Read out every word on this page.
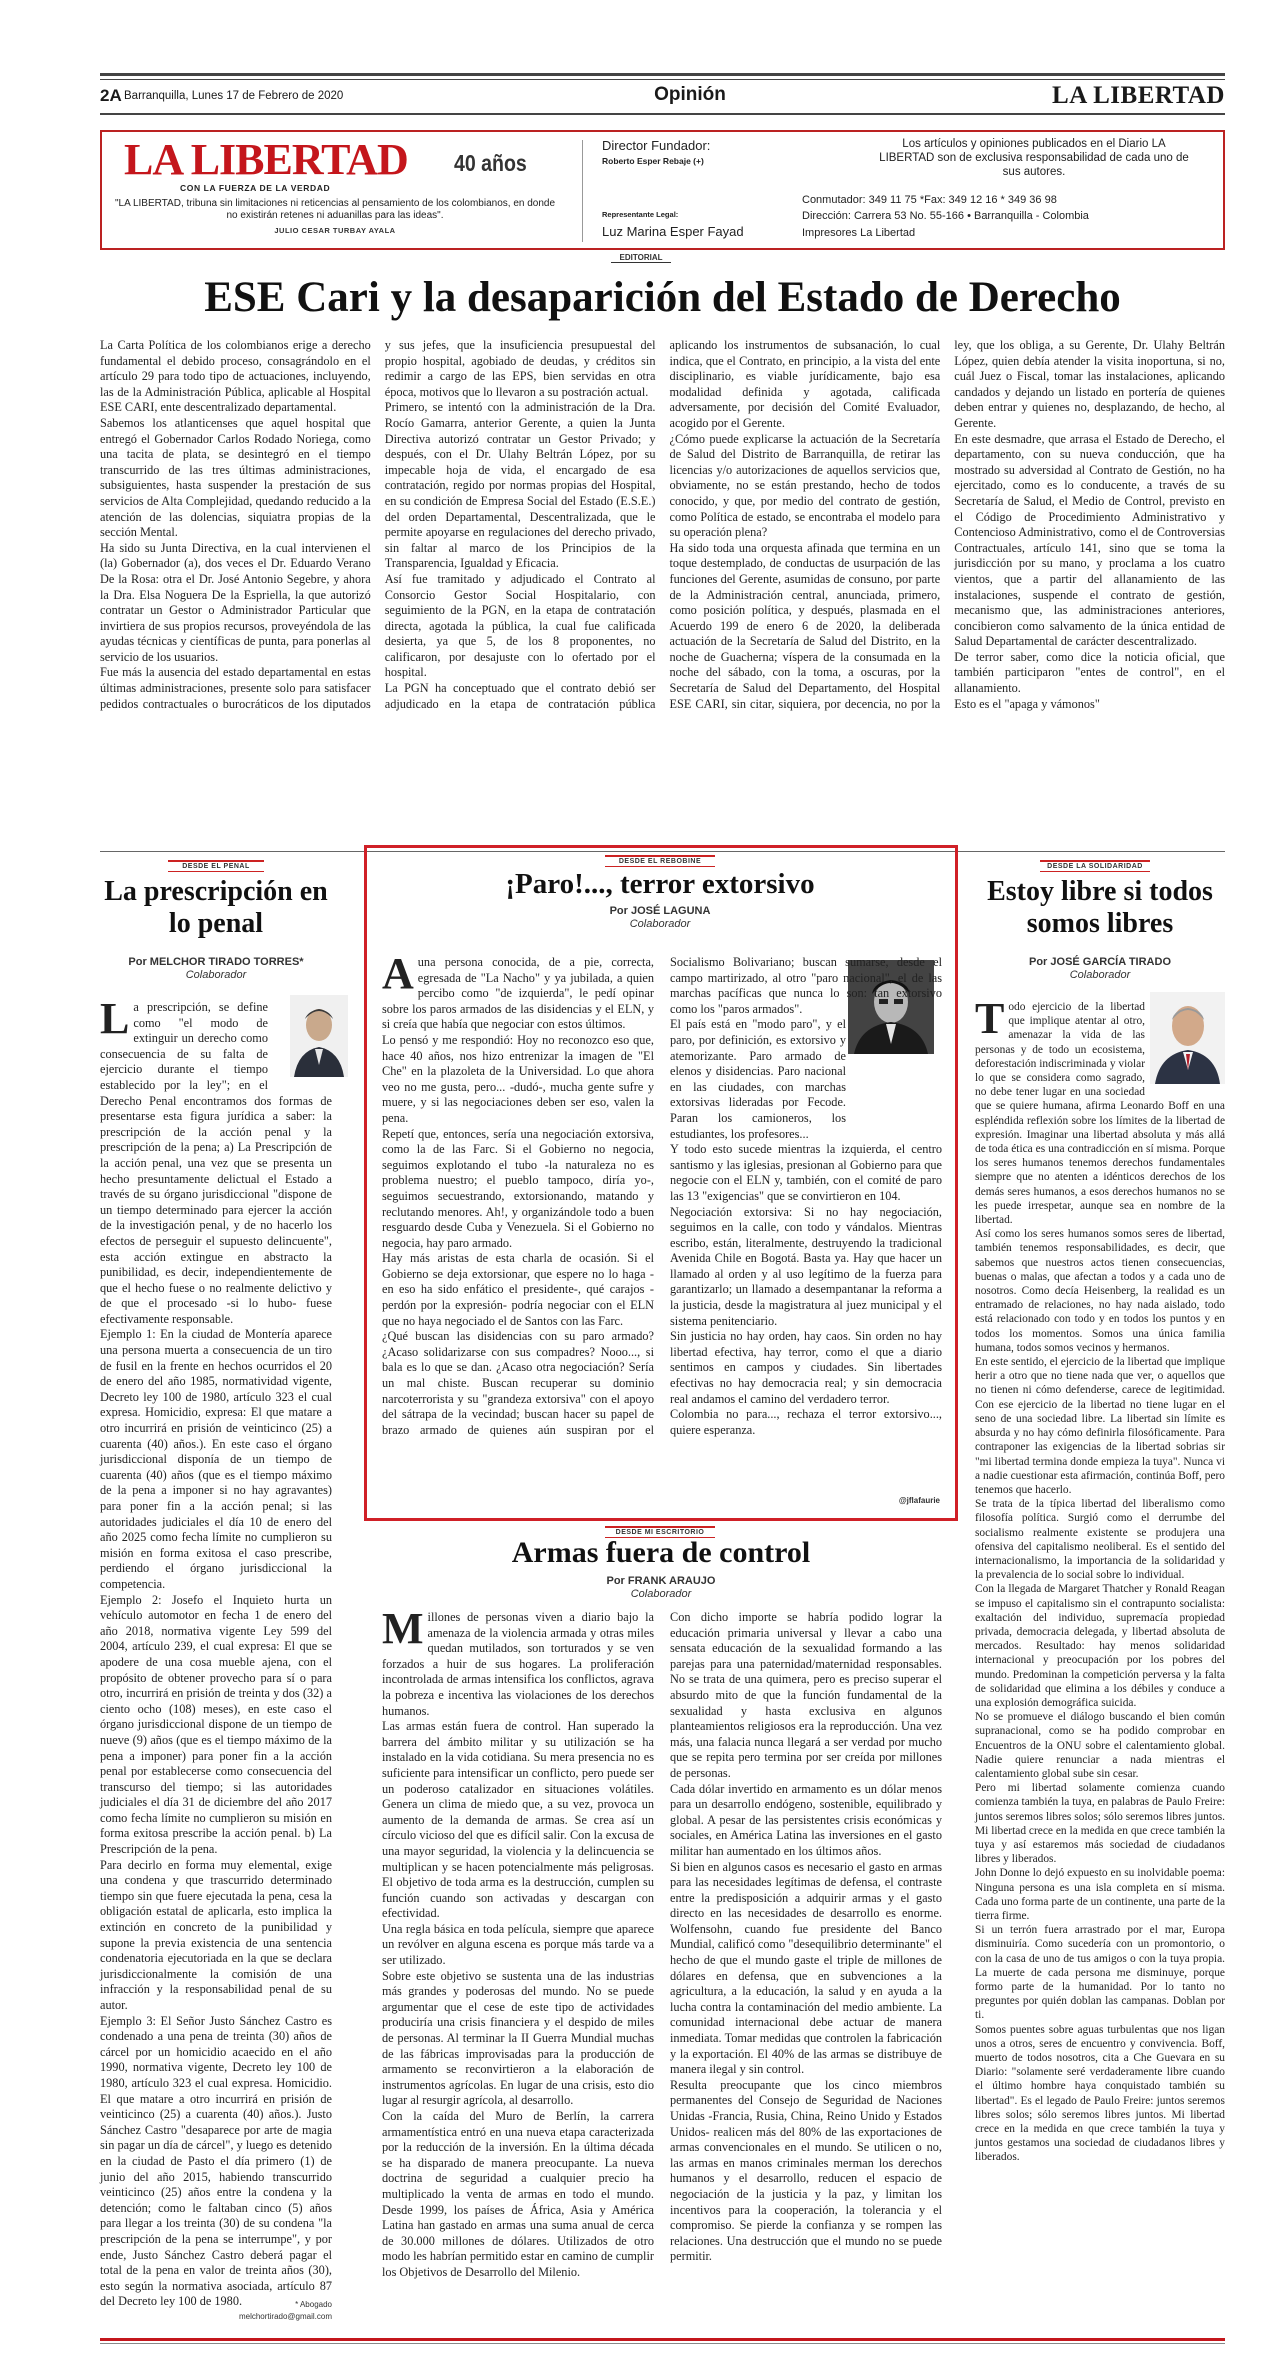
2A Barranquilla, Lunes 17 de Febrero de 2020	Opinión	LA LIBERTAD
LA LIBERTAD
CON LA FUERZA DE LA VERDAD
40 años
"LA LIBERTAD, tribuna sin limitaciones ni reticencias al pensamiento de los colombianos, en donde no existirán retenes ni aduanillas para las ideas".
JULIO CESAR TURBAY AYALA
Director Fundador:
Roberto Esper Rebaje (+)
Representante Legal:
Luz Marina Esper Fayad
Los artículos y opiniones publicados en el Diario LA LIBERTAD son de exclusiva responsabilidad de cada uno de sus autores.
Conmutador: 349 11 75 *Fax: 349 12 16 * 349 36 98
Dirección: Carrera 53 No. 55-166 • Barranquilla - Colombia
Impresores La Libertad
EDITORIAL
ESE Cari y la desaparición del Estado de Derecho

La Carta Política de los colombianos erige a derecho fundamental el debido proceso, consagrándolo en el artículo 29 para todo tipo de actuaciones, incluyendo, las de la Administración Pública, aplicable al Hospital ESE CARI, ente descentralizado departamental.

Sabemos los atlanticenses que aquel hospital que entregó el Gobernador Carlos Rodado Noriega, como una tacita de plata, se desintegró en el tiempo transcurrido de las tres últimas administraciones, subsiguientes, hasta suspender la prestación de sus servicios de Alta Complejidad, quedando reducido a la atención de las dolencias, siquiatra propias de la sección Mental.

Ha sido su Junta Directiva, en la cual intervienen el (la) Gobernador (a), dos veces el Dr. Eduardo Verano De la Rosa: otra el Dr. José Antonio Segebre, y ahora la Dra. Elsa Noguera De la Espriella, la que autorizó contratar un Gestor o Administrador Particular que invirtiera de sus propios recursos, proveyéndola de las ayudas técnicas y científicas de punta, para ponerlas al servicio de los usuarios.

Fue más la ausencia del estado departamental en estas últimas administraciones, presente solo para satisfacer pedidos contractuales o burocráticos de los diputados y sus jefes, que la insuficiencia presupuestal del propio hospital, agobiado de deudas, y créditos sin redimir a cargo de las EPS, bien servidas en otra época, motivos que lo llevaron a su postración actual.

Primero, se intentó con la administración de la Dra. Rocío Gamarra, anterior Gerente, a quien la Junta Directiva autorizó contratar un Gestor Privado; y después, con el Dr. Ulahy Beltrán López, por su impecable hoja de vida, el encargado de esa contratación, regido por normas propias del Hospital, en su condición de Empresa Social del Estado (E.S.E.) del orden Departamental, Descentralizada, que le permite apoyarse en regulaciones del derecho privado, sin faltar al marco de los Principios de la Transparencia, Igualdad y Eficacia.

Así fue tramitado y adjudicado el Contrato al Consorcio Gestor Social Hospitalario, con seguimiento de la PGN, en la etapa de contratación directa, agotada la pública, la cual fue calificada desierta, ya que 5, de los 8 proponentes, no calificaron, por desajuste con lo ofertado por el hospital.

La PGN ha conceptuado que el contrato debió ser adjudicado en la etapa de contratación pública aplicando los instrumentos de subsanación, lo cual indica, que el Contrato, en principio, a la vista del ente disciplinario, es viable jurídicamente, bajo esa modalidad definida y agotada, calificada adversamente, por decisión del Comité Evaluador, acogido por el Gerente.

¿Cómo puede explicarse la actuación de la Secretaría de Salud del Distrito de Barranquilla, de retirar las licencias y/o autorizaciones de aquellos servicios que, obviamente, no se están prestando, hecho de todos conocido, y que, por medio del contrato de gestión, como Política de estado, se encontraba el modelo para su operación plena?

Ha sido toda una orquesta afinada que termina en un toque destemplado, de conductas de usurpación de las funciones del Gerente, asumidas de consuno, por parte de la Administración central, anunciada, primero, como posición política, y después, plasmada en el Acuerdo 199 de enero 6 de 2020, la deliberada actuación de la Secretaría de Salud del Distrito, en la noche de Guacherna; víspera de la consumada en la noche del sábado, con la toma, a oscuras, por la Secretaría de Salud del Departamento, del Hospital ESE CARI, sin citar, siquiera, por decencia, no por la ley, que los obliga, a su Gerente, Dr. Ulahy Beltrán López, quien debía atender la visita inoportuna, si no, cuál Juez o Fiscal, tomar las instalaciones, aplicando candados y dejando un listado en portería de quienes deben entrar y quienes no, desplazando, de hecho, al Gerente.

En este desmadre, que arrasa el Estado de Derecho, el departamento, con su nueva conducción, que ha mostrado su adversidad al Contrato de Gestión, no ha ejercitado, como es lo conducente, a través de su Secretaría de Salud, el Medio de Control, previsto en el Código de Procedimiento Administrativo y Contencioso Administrativo, como el de Controversias Contractuales, artículo 141, sino que se toma la jurisdicción por su mano, y proclama a los cuatro vientos, que a partir del allanamiento de las instalaciones, suspende el contrato de gestión, mecanismo que, las administraciones anteriores, concibieron como salvamento de la única entidad de Salud Departamental de carácter descentralizado.

De terror saber, como dice la noticia oficial, que también participaron "entes de control", en el allanamiento.

Esto es el "apaga y vámonos"

DESDE EL PENAL
La prescripción en lo penal
Por MELCHOR TIRADO TORRES*
Colaborador

La prescripción, se define como "el modo de extinguir un derecho como consecuencia de su falta de ejercicio durante el tiempo establecido por la ley"; en el Derecho Penal encontramos dos formas de presentarse esta figura jurídica a saber: la prescripción de la acción penal y la prescripción de la pena; a) La Prescripción de la acción penal, una vez que se presenta un hecho presuntamente delictual el Estado a través de su órgano jurisdiccional "dispone de un tiempo determinado para ejercer la acción de la investigación penal, y de no hacerlo los efectos de perseguir el supuesto delincuente", esta acción extingue en abstracto la punibilidad, es decir, independientemente de que el hecho fuese o no realmente delictivo y de que el procesado -si lo hubo- fuese efectivamente responsable.

Ejemplo 1: En la ciudad de Montería aparece una persona muerta a consecuencia de un tiro de fusil en la frente en hechos ocurridos el 20 de enero del año 1985, normatividad vigente, Decreto ley 100 de 1980, artículo 323 el cual expresa. Homicidio, expresa: El que matare a otro incurrirá en prisión de veinticinco (25) a cuarenta (40) años.). En este caso el órgano jurisdiccional disponía de un tiempo de cuarenta (40) años (que es el tiempo máximo de la pena a imponer si no hay agravantes) para poner fin a la acción penal; si las autoridades judiciales el día 10 de enero del año 2025 como fecha límite no cumplieron su misión en forma exitosa el caso prescribe, perdiendo el órgano jurisdiccional la competencia.

Ejemplo 2: Josefo el Inquieto hurta un vehículo automotor en fecha 1 de enero del año 2018, normativa vigente Ley 599 del 2004, artículo 239, el cual expresa: El que se apodere de una cosa mueble ajena, con el propósito de obtener provecho para sí o para otro, incurrirá en prisión de treinta y dos (32) a ciento ocho (108) meses), en este caso el órgano jurisdiccional dispone de un tiempo de nueve (9) años (que es el tiempo máximo de la pena a imponer) para poner fin a la acción penal por establecerse como consecuencia del transcurso del tiempo; si las autoridades judiciales el día 31 de diciembre del año 2017 como fecha límite no cumplieron su misión en forma exitosa prescribe la acción penal. b) La Prescripción de la pena.

Para decirlo en forma muy elemental, exige una condena y que trascurrido determinado tiempo sin que fuere ejecutada la pena, cesa la obligación estatal de aplicarla, esto implica la extinción en concreto de la punibilidad y supone la previa existencia de una sentencia condenatoria ejecutoriada en la que se declara jurisdiccionalmente la comisión de una infracción y la responsabilidad penal de su autor.

Ejemplo 3: El Señor Justo Sánchez Castro es condenado a una pena de treinta (30) años de cárcel por un homicidio acaecido en el año 1990, normativa vigente, Decreto ley 100 de 1980, artículo 323 el cual expresa. Homicidio. El que matare a otro incurrirá en prisión de veinticinco (25) a cuarenta (40) años.). Justo Sánchez Castro "desaparece por arte de magia sin pagar un día de cárcel", y luego es detenido en la ciudad de Pasto el día primero (1) de junio del año 2015, habiendo transcurrido veinticinco (25) años entre la condena y la detención; como le faltaban cinco (5) años para llegar a los treinta (30) de su condena "la prescripción de la pena se interrumpe", y por ende, Justo Sánchez Castro deberá pagar el total de la pena en valor de treinta años (30), esto según la normativa asociada, artículo 87 del Decreto ley 100 de 1980.	* Abogado
melchortirado@gmail.com
DESDE EL REBOBINE
¡Paro!..., terror extorsivo
Por JOSÉ LAGUNA
Colaborador

Auna persona conocida, de a pie, correcta, egresada de "La Nacho" y ya jubilada, a quien percibo como "de izquierda", le pedí opinar sobre los paros armados de las disidencias y el ELN, y si creía que había que negociar con estos últimos.

Lo pensó y me respondió: Hoy no reconozco eso que, hace 40 años, nos hizo entrenizar la imagen de "El Che" en la plazoleta de la Universidad. Lo que ahora veo no me gusta, pero... -dudó-, mucha gente sufre y muere, y si las negociaciones deben ser eso, valen la pena.

Repetí que, entonces, sería una negociación extorsiva, como la de las Farc. Si el Gobierno no negocia, seguimos explotando el tubo -la naturaleza no es problema nuestro; el pueblo tampoco, diría yo-, seguimos secuestrando, extorsionando, matando y reclutando menores. Ah!, y organizándole todo a buen resguardo desde Cuba y Venezuela. Si el Gobierno no negocia, hay paro armado.

Hay más aristas de esta charla de ocasión. Si el Gobierno se deja extorsionar, que espere no lo haga -en eso ha sido enfático el presidente-, qué carajos -perdón por la expresión- podría negociar con el ELN que no haya negociado el de Santos con las Farc.

¿Qué buscan las disidencias con su paro armado? ¿Acaso solidarizarse con sus compadres? Nooo..., si bala es lo que se dan. ¿Acaso otra negociación? Sería un mal chiste. Buscan recuperar su dominio narcoterrorista y su "grandeza extorsiva" con el apoyo del sátrapa de la vecindad; buscan hacer su papel de brazo armado de quienes aún suspiran por el Socialismo Bolivariano; buscan sumarse, desde el campo martirizado, al otro "paro nacional", el de las marchas pacíficas que nunca lo son: tan extorsivo como los "paros armados".

El país está en "modo paro", y el paro, por definición, es extorsivo y atemorizante. Paro armado de elenos y disidencias. Paro nacional en las ciudades, con marchas extorsivas lideradas por Fecode. Paran los camioneros, los estudiantes, los profesores...

Y todo esto sucede mientras la izquierda, el centro santismo y las iglesias, presionan al Gobierno para que negocie con el ELN y, también, con el comité de paro las 13 "exigencias" que se convirtieron en 104.

Negociación extorsiva: Si no hay negociación, seguimos en la calle, con todo y vándalos. Mientras escribo, están, literalmente, destruyendo la tradicional Avenida Chile en Bogotá. Basta ya. Hay que hacer un llamado al orden y al uso legítimo de la fuerza para garantizarlo; un llamado a desempantanar la reforma a la justicia, desde la magistratura al juez municipal y el sistema penitenciario.

Sin justicia no hay orden, hay caos. Sin orden no hay libertad efectiva, hay terror, como el que a diario sentimos en campos y ciudades. Sin libertades efectivas no hay democracia real; y sin democracia real andamos el camino del verdadero terror.

Colombia no para..., rechaza el terror extorsivo..., quiere esperanza.

@jflafaurie
DESDE MI ESCRITORIO
Armas fuera de control
Por FRANK ARAUJO
Colaborador

Millones de personas viven a diario bajo la amenaza de la violencia armada y otras miles quedan mutilados, son torturados y se ven forzados a huir de sus hogares. La proliferación incontrolada de armas intensifica los conflictos, agrava la pobreza e incentiva las violaciones de los derechos humanos.

Las armas están fuera de control. Han superado la barrera del ámbito militar y su utilización se ha instalado en la vida cotidiana. Su mera presencia no es suficiente para intensificar un conflicto, pero puede ser un poderoso catalizador en situaciones volátiles. Genera un clima de miedo que, a su vez, provoca un aumento de la demanda de armas. Se crea así un círculo vicioso del que es difícil salir. Con la excusa de una mayor seguridad, la violencia y la delincuencia se multiplican y se hacen potencialmente más peligrosas. El objetivo de toda arma es la destrucción, cumplen su función cuando son activadas y descargan con efectividad.

Una regla básica en toda película, siempre que aparece un revólver en alguna escena es porque más tarde va a ser utilizado.

Sobre este objetivo se sustenta una de las industrias más grandes y poderosas del mundo. No se puede argumentar que el cese de este tipo de actividades produciría una crisis financiera y el despido de miles de personas. Al terminar la II Guerra Mundial muchas de las fábricas improvisadas para la producción de armamento se reconvirtieron a la elaboración de instrumentos agrícolas. En lugar de una crisis, esto dio lugar al resurgir agrícola, al desarrollo.

Con la caída del Muro de Berlín, la carrera armamentística entró en una nueva etapa caracterizada por la reducción de la inversión. En la última década se ha disparado de manera preocupante. La nueva doctrina de seguridad a cualquier precio ha multiplicado la venta de armas en todo el mundo. Desde 1999, los países de África, Asia y América Latina han gastado en armas una suma anual de cerca de 30.000 millones de dólares. Utilizados de otro modo les habrían permitido estar en camino de cumplir los Objetivos de Desarrollo del Milenio.

Con dicho importe se habría podido lograr la educación primaria universal y llevar a cabo una sensata educación de la sexualidad formando a las parejas para una paternidad/maternidad responsables. No se trata de una quimera, pero es preciso superar el absurdo mito de que la función fundamental de la sexualidad y hasta exclusiva en algunos planteamientos religiosos era la reproducción. Una vez más, una falacia nunca llegará a ser verdad por mucho que se repita pero termina por ser creída por millones de personas.

Cada dólar invertido en armamento es un dólar menos para un desarrollo endógeno, sostenible, equilibrado y global. A pesar de las persistentes crisis económicas y sociales, en América Latina las inversiones en el gasto militar han aumentado en los últimos años.

Si bien en algunos casos es necesario el gasto en armas para las necesidades legítimas de defensa, el contraste entre la predisposición a adquirir armas y el gasto directo en las necesidades de desarrollo es enorme. Wolfensohn, cuando fue presidente del Banco Mundial, calificó como "desequilibrio determinante" el hecho de que el mundo gaste el triple de millones de dólares en defensa, que en subvenciones a la agricultura, a la educación, la salud y en ayuda a la lucha contra la contaminación del medio ambiente. La comunidad internacional debe actuar de manera inmediata. Tomar medidas que controlen la fabricación y la exportación. El 40% de las armas se distribuye de manera ilegal y sin control.

Resulta preocupante que los cinco miembros permanentes del Consejo de Seguridad de Naciones Unidas -Francia, Rusia, China, Reino Unido y Estados Unidos- realicen más del 80% de las exportaciones de armas convencionales en el mundo. Se utilicen o no, las armas en manos criminales merman los derechos humanos y el desarrollo, reducen el espacio de negociación de la justicia y la paz, y limitan los incentivos para la cooperación, la tolerancia y el compromiso. Se pierde la confianza y se rompen las relaciones. Una destrucción que el mundo no se puede permitir.

DESDE LA SOLIDARIDAD
Estoy libre si todos somos libres
Por JOSÉ GARCÍA TIRADO
Colaborador

Todo ejercicio de la libertad que implique atentar al otro, amenazar la vida de las personas y de todo un ecosistema, deforestación indiscriminada y violar lo que se considera como sagrado, no debe tener lugar en una sociedad que se quiere humana, afirma Leonardo Boff en una espléndida reflexión sobre los límites de la libertad de expresión. Imaginar una libertad absoluta y más allá de toda ética es una contradicción en sí misma. Porque los seres humanos tenemos derechos fundamentales siempre que no atenten a idénticos derechos de los demás seres humanos, a esos derechos humanos no se les puede irrespetar, aunque sea en nombre de la libertad.

Así como los seres humanos somos seres de libertad, también tenemos responsabilidades, es decir, que sabemos que nuestros actos tienen consecuencias, buenas o malas, que afectan a todos y a cada uno de nosotros. Como decía Heisenberg, la realidad es un entramado de relaciones, no hay nada aislado, todo está relacionado con todo y en todos los puntos y en todos los momentos. Somos una única familia humana, todos somos vecinos y hermanos.

En este sentido, el ejercicio de la libertad que implique herir a otro que no tiene nada que ver, o aquellos que no tienen ni cómo defenderse, carece de legitimidad. Con ese ejercicio de la libertad no tiene lugar en el seno de una sociedad libre. La libertad sin límite es absurda y no hay cómo definirla filosóficamente. Para contraponer las exigencias de la libertad sobrias sir "mi libertad termina donde empieza la tuya". Nunca vi a nadie cuestionar esta afirmación, continúa Boff, pero tenemos que hacerlo.

Se trata de la típica libertad del liberalismo como filosofía política. Surgió como el derrumbe del socialismo realmente existente se produjera una ofensiva del capitalismo neoliberal. Es el sentido del internacionalismo, la importancia de la solidaridad y la prevalencia de lo social sobre lo individual.

Con la llegada de Margaret Thatcher y Ronald Reagan se impuso el capitalismo sin el contrapunto socialista: exaltación del individuo, supremacía propiedad privada, democracia delegada, y libertad absoluta de mercados. Resultado: hay menos solidaridad internacional y preocupación por los pobres del mundo. Predominan la competición perversa y la falta de solidaridad que elimina a los débiles y conduce a una explosión demográfica suicida.

No se promueve el diálogo buscando el bien común supranacional, como se ha podido comprobar en Encuentros de la ONU sobre el calentamiento global. Nadie quiere renunciar a nada mientras el calentamiento global sube sin cesar.

Pero mi libertad solamente comienza cuando comienza también la tuya, en palabras de Paulo Freire: juntos seremos libres solos; sólo seremos libres juntos. Mi libertad crece en la medida en que crece también la tuya y así estaremos más sociedad de ciudadanos libres y liberados.

John Donne lo dejó expuesto en su inolvidable poema: Ninguna persona es una isla completa en sí misma. Cada uno forma parte de un continente, una parte de la tierra firme.

Si un terrón fuera arrastrado por el mar, Europa disminuiría. Como sucedería con un promontorio, o con la casa de uno de tus amigos o con la tuya propia. La muerte de cada persona me disminuye, porque formo parte de la humanidad. Por lo tanto no preguntes por quién doblan las campanas. Doblan por ti.

Somos puentes sobre aguas turbulentas que nos ligan unos a otros, seres de encuentro y convivencia. Boff, muerto de todos nosotros, cita a Che Guevara en su Diario: "solamente seré verdaderamente libre cuando el último hombre haya conquistado también su libertad". Es el legado de Paulo Freire: juntos seremos libres solos; sólo seremos libres juntos. Mi libertad crece en la medida en que crece también la tuya y juntos gestamos una sociedad de ciudadanos libres y liberados.
